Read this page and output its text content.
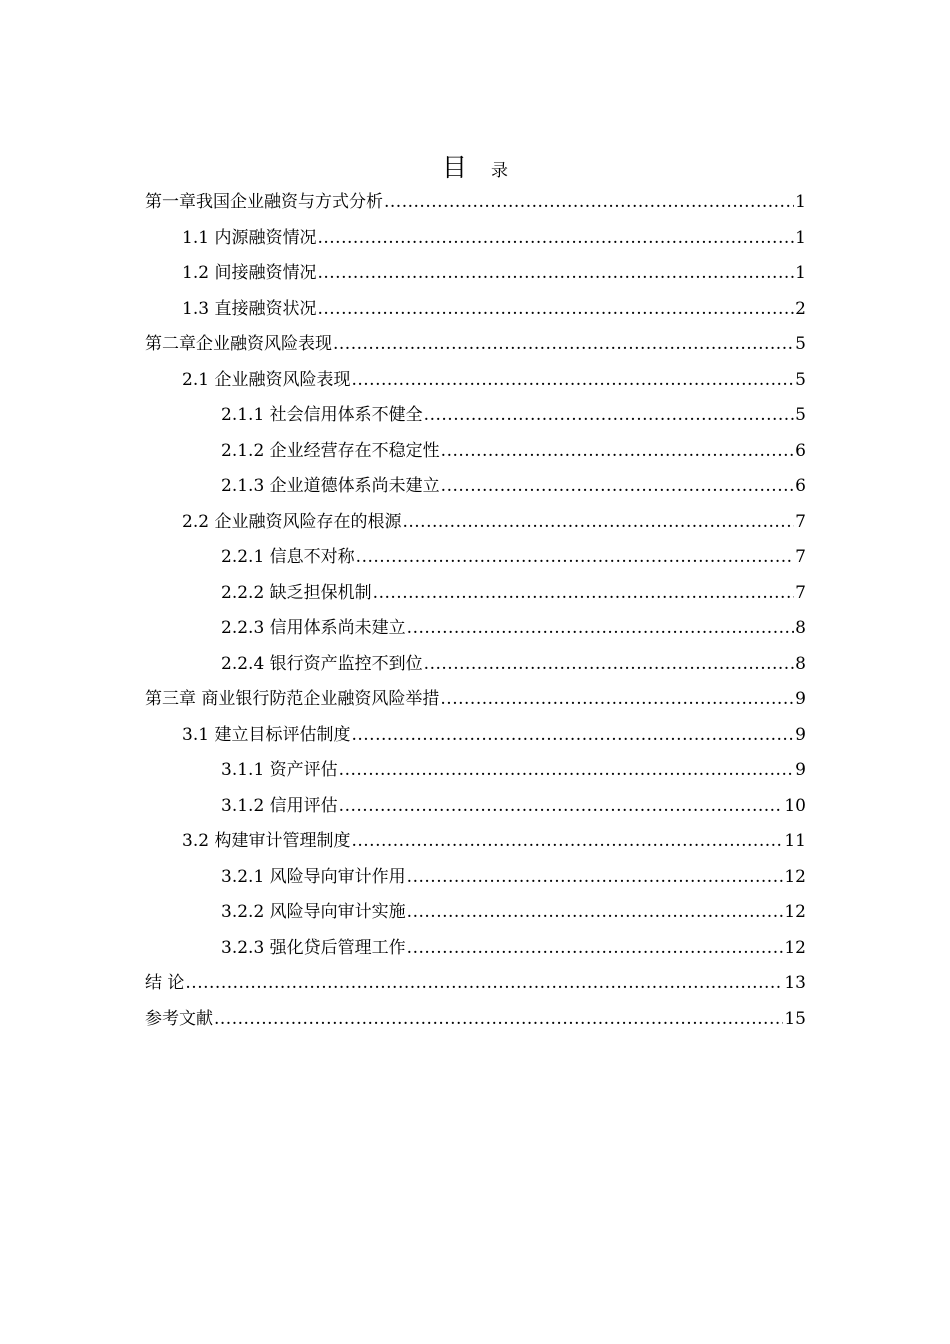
目 录
第一章我国企业融资与方式分析 .....	1
1.1 内源融资情况 .....	1
1.2 间接融资情况 .....	1
1.3 直接融资状况 .....	2
第二章企业融资风险表现 .....	5
2.1 企业融资风险表现 .....	5
2.1.1 社会信用体系不健全 .....	5
2.1.2 企业经营存在不稳定性 .....	6
2.1.3 企业道德体系尚未建立 .....	6
2.2 企业融资风险存在的根源 .....	7
2.2.1 信息不对称 .....	7
2.2.2 缺乏担保机制 .....	7
2.2.3 信用体系尚未建立 .....	8
2.2.4 银行资产监控不到位 .....	8
第三章 商业银行防范企业融资风险举措 .....	9
3.1 建立目标评估制度 .....	9
3.1.1 资产评估 .....	9
3.1.2 信用评估 .....	10
3.2 构建审计管理制度 .....	11
3.2.1 风险导向审计作用 .....	12
3.2.2 风险导向审计实施 .....	12
3.2.3 强化贷后管理工作 .....	12
结 论 .....	13
参考文献 .....	15
